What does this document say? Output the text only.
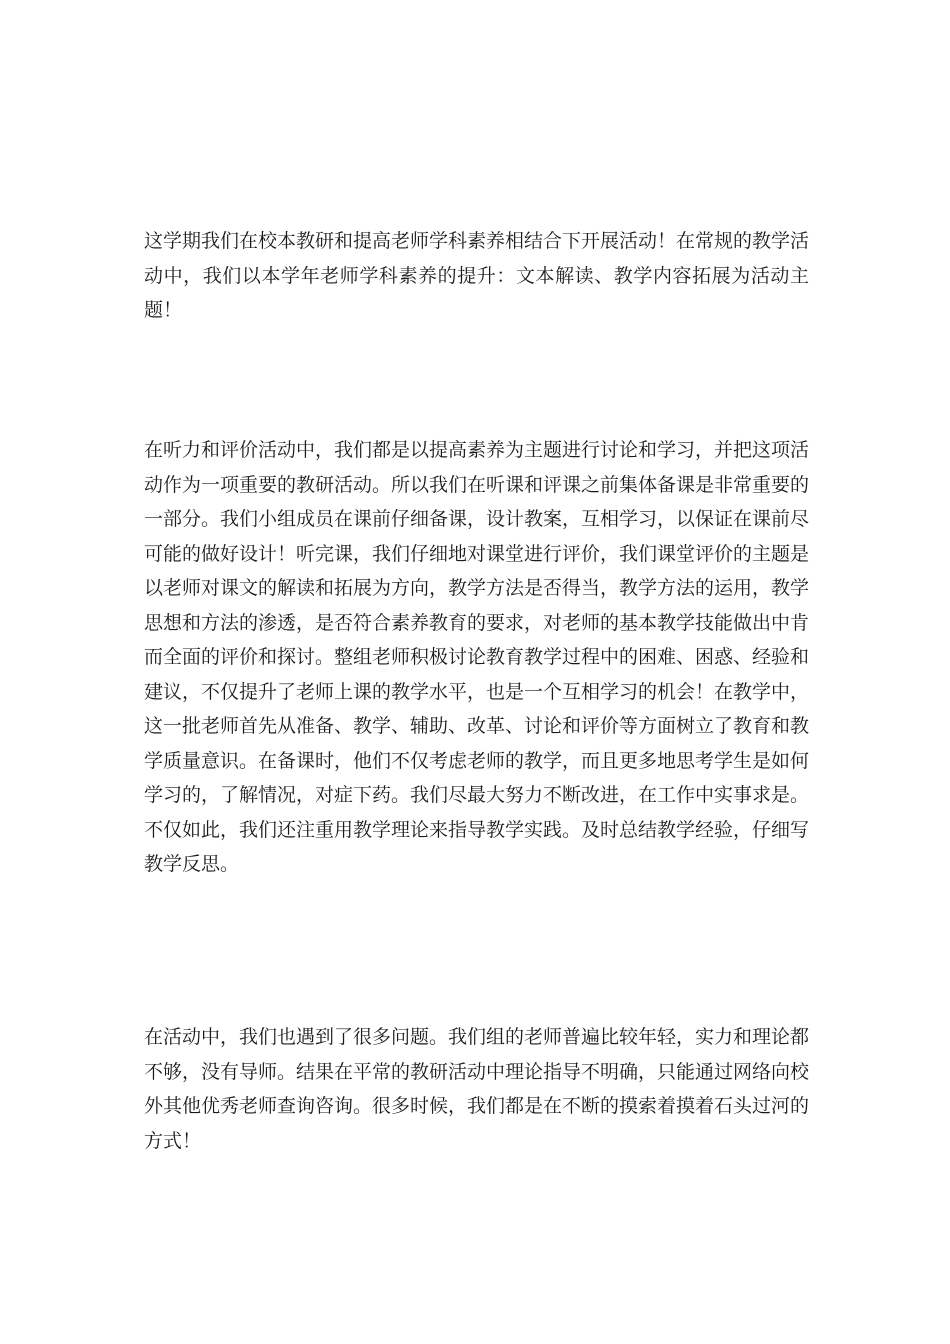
这学期我们在校本教研和提高老师学科素养相结合下开展活动！在常规的教学活动中，我们以本学年老师学科素养的提升：文本解读、教学内容拓展为活动主题！

在听力和评价活动中，我们都是以提高素养为主题进行讨论和学习，并把这项活动作为一项重要的教研活动。所以我们在听课和评课之前集体备课是非常重要的一部分。我们小组成员在课前仔细备课，设计教案，互相学习，以保证在课前尽可能的做好设计！听完课，我们仔细地对课堂进行评价，我们课堂评价的主题是以老师对课文的解读和拓展为方向，教学方法是否得当，教学方法的运用，教学思想和方法的渗透，是否符合素养教育的要求，对老师的基本教学技能做出中肯而全面的评价和探讨。整组老师积极讨论教育教学过程中的困难、困惑、经验和建议，不仅提升了老师上课的教学水平，也是一个互相学习的机会！在教学中，这一批老师首先从准备、教学、辅助、改革、讨论和评价等方面树立了教育和教学质量意识。在备课时，他们不仅考虑老师的教学，而且更多地思考学生是如何学习的，了解情况，对症下药。我们尽最大努力不断改进，在工作中实事求是。不仅如此，我们还注重用教学理论来指导教学实践。及时总结教学经验，仔细写教学反思。

在活动中，我们也遇到了很多问题。我们组的老师普遍比较年轻，实力和理论都不够，没有导师。结果在平常的教研活动中理论指导不明确，只能通过网络向校外其他优秀老师查询咨询。很多时候，我们都是在不断的摸索着摸着石头过河的方式！
